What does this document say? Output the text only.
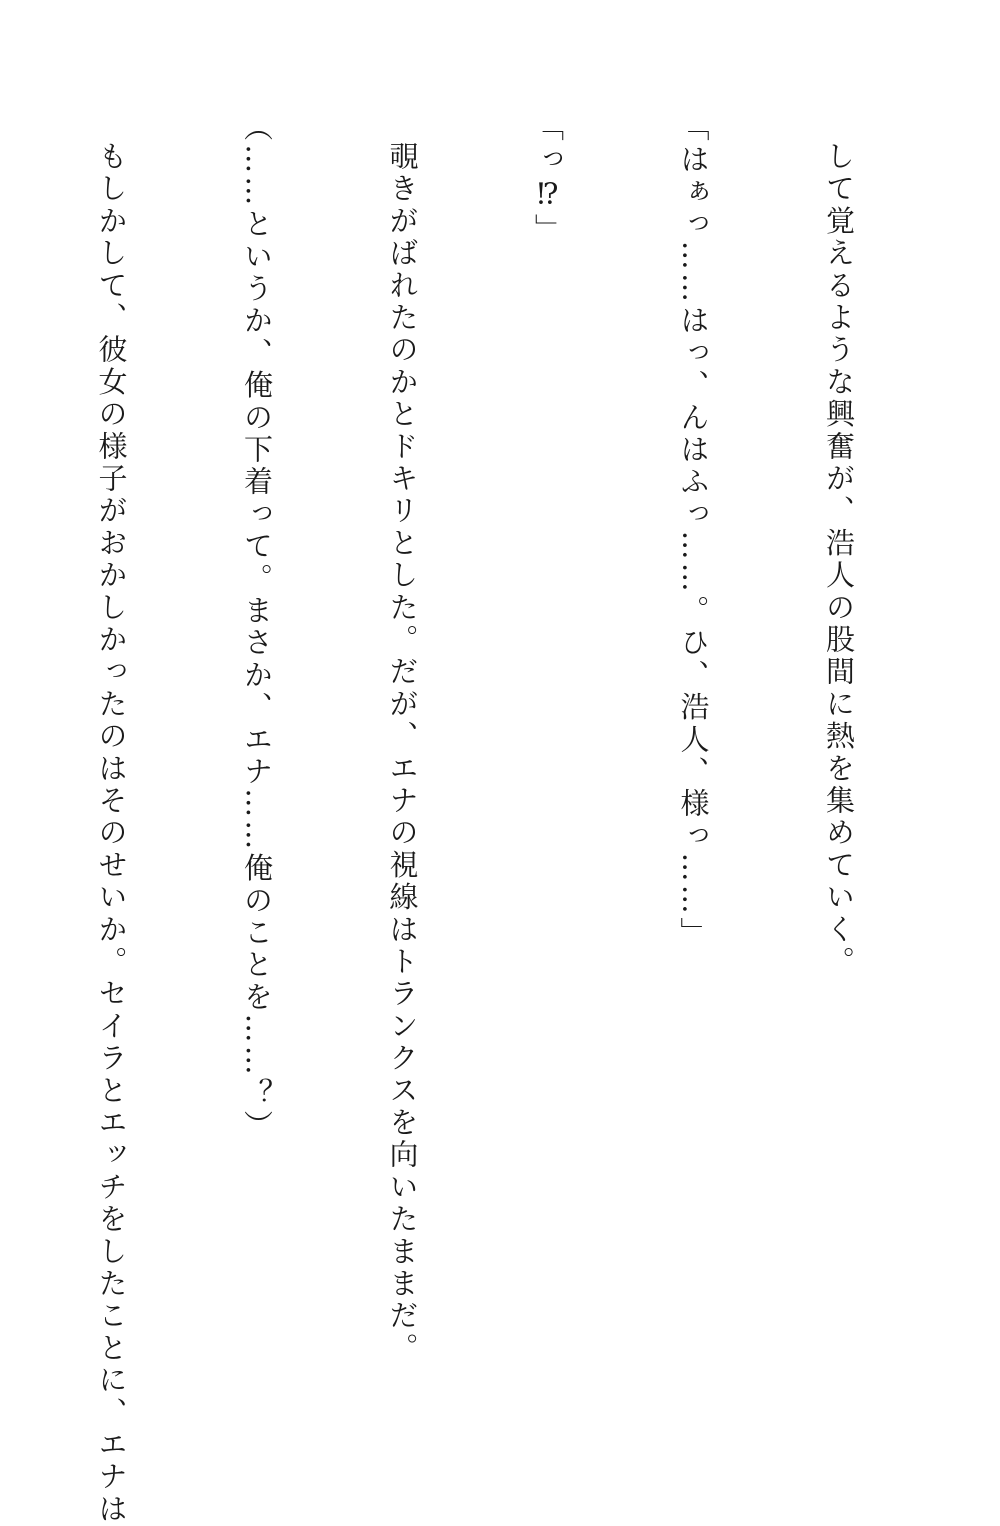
して覚えるような興奮が、浩人の股間に熱を集めていく。

「はぁっ……はっ、んはふっ……。ひ、浩人、様っ……」

「っ⁉」

覗きがばれたのかとドキリとした。だが、エナの視線はトランクスを向いたままだ。

（……というか、俺の下着って。まさか、エナ……俺のことを……？）

もしかして、彼女の様子がおかしかったのはそのせいか。セイラとエッチをしたことに、エナは
